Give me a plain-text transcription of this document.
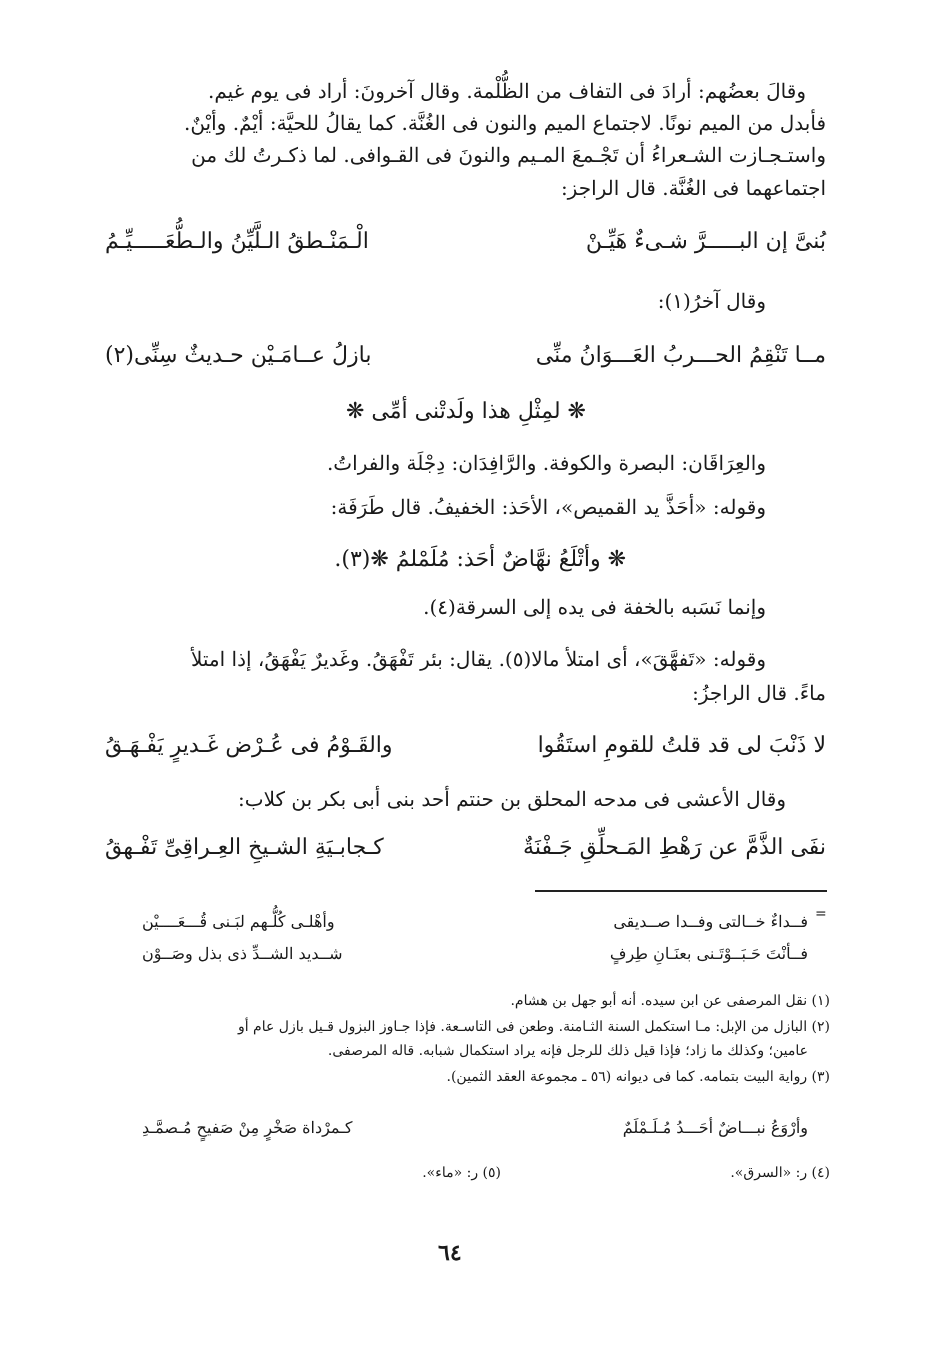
وقالَ بعضُهم: أرادَ فى التفاف من الظُّلْمة. وقال آخرونَ: أراد فى يوم غيم.
فأبدل من الميم نونًا. لاجتماع الميم والنون فى الغُنَّة. كما يقالُ للحيَّة: أيْمٌ. وأيْنٌ.
واستـجـازت الشـعراءُ أن تَجْـمعَ المـيم والنونَ فى القـوافى. لما ذكـرتُ لك من
اجتماعهما فى الغُنَّة. قال الراجز:
بُنىَّ إن البـــــرَّ شـىءٌ هَيِّـنْ
الْـمَنْـطقُ الـلَّيِّنُ والـطُّعَـــــيِّـمُ
وقال آخرُ(١):
مــا تَنْقِمُ الحـــربُ العَـــوَانُ منِّى
بازلُ عــامَـيْن حـديثٌ سِنِّى(٢)
❋ لمِثْلِ هذا ولَدتْنى أمِّى ❋
والعِرَاقَان: البصرة والكوفة. والرَّافِدَان: دِجْلَة والفراتُ.
وقوله: «أحَذَّ يد القميص»، الأحَذ: الخفيفُ. قال طَرَفَة:
❋ وأتْلَعُ نهَّاضٌ أحَذ: مُلَمْلمُ ❋(٣).
وإنما نَسَبه بالخفة فى يده إلى السرقة(٤).
وقوله: «تَفهَّقَ»، أى امتلأ مالا(٥). يقال: بئر تَفْهَقُ. وغَديرٌ يَفْهَقُ، إذا امتلأ
ماءً. قال الراجزُ:
لا ذَنْبَ لى قد قلتُ للقومِ استَقُوا
والقَـوْمُ فى عُـرْض غَـديرٍ يَفْـهَـقُ
وقال الأعشى فى مدحه المحلق بن حنتم أحد بنى أبى بكر بن كلاب:
نفَى الذَّمَّ عن رَهْطِ المَـحلِّقِ جَـفْنَةٌ
كـجابـيَةِ الشـيخِ العِـراقِىِّ تَفْـهقُ
=
فــداءٌ خــالتى وفــدا صــديقى
وأهْلـى كُلُّـهم لبَـنى قُـــعَــــيْن
فــأنْتَ حَـبَــوْتَـنى بعنَـانِ طِرفٍ
شــديد الشــدِّ ذى بذل وصَــوْن
(١) نقل المرصفى عن ابن سيده. أنه أبو جهل بن هشام.
(٢) البازل من الإبل: مـا استكمل السنة الثـامنة. وطعن فى التاسـعة. فإذا جـاوز البزول قـيل بازل عام أو
عامين؛ وكذلك ما زاد؛ فإذا قيل ذلك للرجل فإنه يراد استكمال شبابه. قاله المرصفى.
(٣) رواية البيت بتمامه. كما فى ديوانه (٥٦ ـ مجموعة العقد الثمين).
وأرْوَعُ نبـــاضٌ أحَـــدُ مُـلَـمْلَمٌ
كـمرْداة صَخْرٍ مِنْ صَفيحٍ مُـصمَّـدِ
(٤) ر: «السرق».
(٥) ر: «ماء».
٦٤
